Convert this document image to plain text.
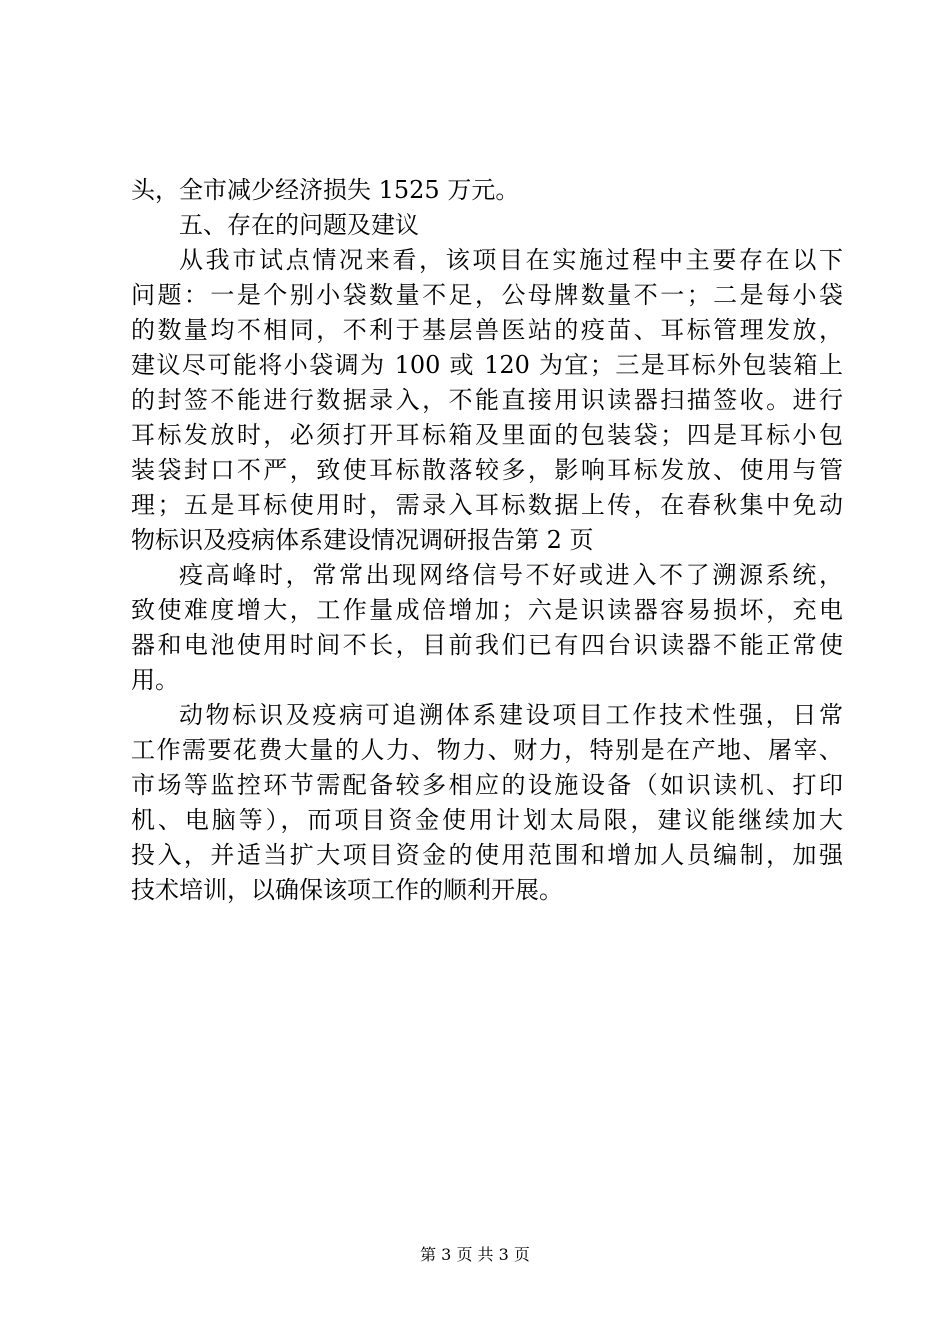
头，全市减少经济损失 1525 万元。
五、存在的问题及建议
从我市试点情况来看，该项目在实施过程中主要存在以下
问题：一是个别小袋数量不足，公母牌数量不一；二是每小袋
的数量均不相同，不利于基层兽医站的疫苗、耳标管理发放，
建议尽可能将小袋调为 100 或 120 为宜；三是耳标外包装箱上
的封签不能进行数据录入，不能直接用识读器扫描签收。进行
耳标发放时，必须打开耳标箱及里面的包装袋；四是耳标小包
装袋封口不严，致使耳标散落较多，影响耳标发放、使用与管
理；五是耳标使用时，需录入耳标数据上传，在春秋集中免动
物标识及疫病体系建设情况调研报告第 2 页
疫高峰时，常常出现网络信号不好或进入不了溯源系统，
致使难度增大，工作量成倍增加；六是识读器容易损坏，充电
器和电池使用时间不长，目前我们已有四台识读器不能正常使
用。
动物标识及疫病可追溯体系建设项目工作技术性强，日常
工作需要花费大量的人力、物力、财力，特别是在产地、屠宰、
市场等监控环节需配备较多相应的设施设备（如识读机、打印
机、电脑等），而项目资金使用计划太局限，建议能继续加大
投入，并适当扩大项目资金的使用范围和增加人员编制，加强
技术培训，以确保该项工作的顺利开展。
第 3 页 共 3 页
